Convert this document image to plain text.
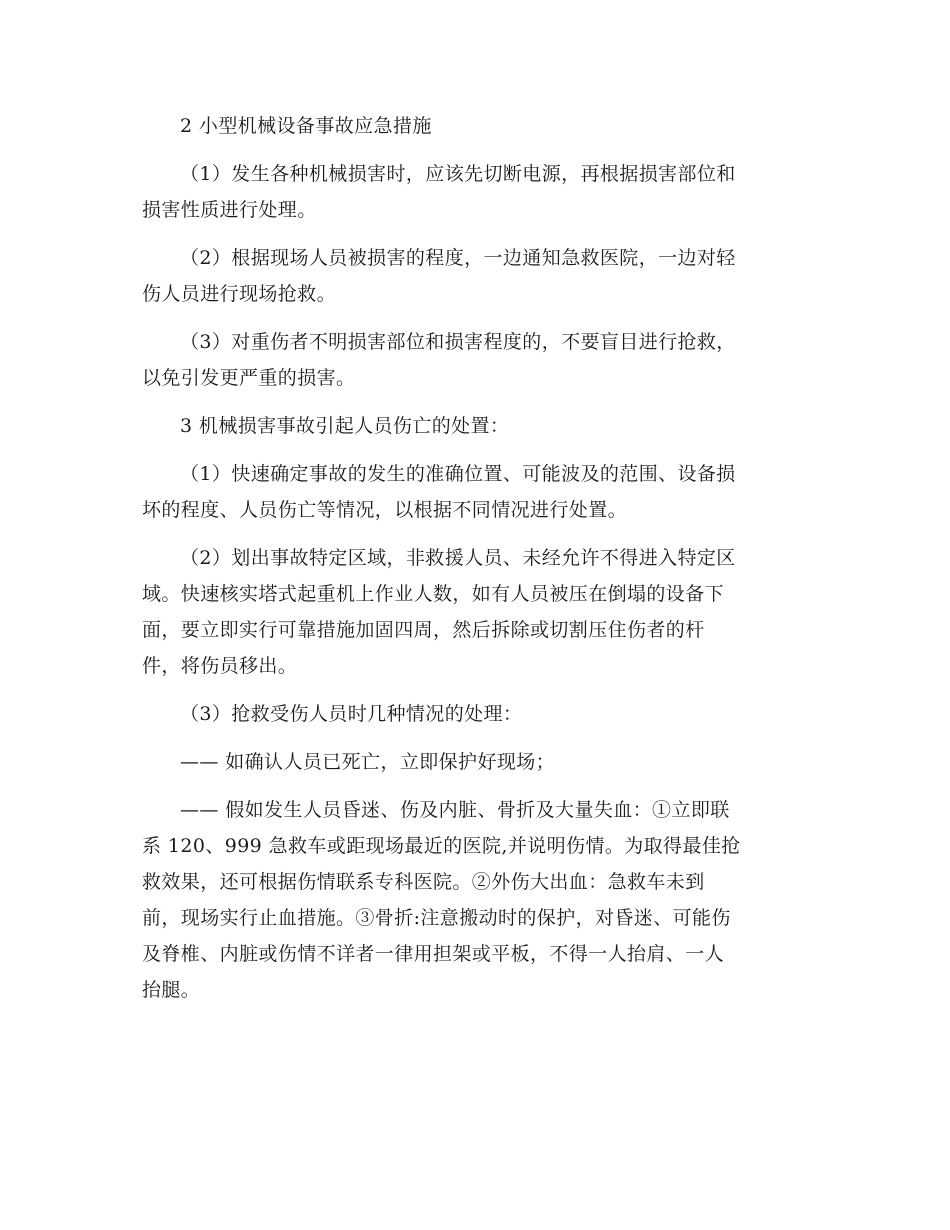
2 小型机械设备事故应急措施
（1）发生各种机械损害时，应该先切断电源，再根据损害部位和
损害性质进行处理。
（2）根据现场人员被损害的程度，一边通知急救医院，一边对轻
伤人员进行现场抢救。
（3）对重伤者不明损害部位和损害程度的，不要盲目进行抢救，
以免引发更严重的损害。
3 机械损害事故引起人员伤亡的处置：
（1）快速确定事故的发生的准确位置、可能波及的范围、设备损
坏的程度、人员伤亡等情况，以根据不同情况进行处置。
（2）划出事故特定区域，非救援人员、未经允许不得进入特定区
域。快速核实塔式起重机上作业人数，如有人员被压在倒塌的设备下
面，要立即实行可靠措施加固四周，然后拆除或切割压住伤者的杆
件，将伤员移出。
（3）抢救受伤人员时几种情况的处理：
—— 如确认人员已死亡，立即保护好现场；
—— 假如发生人员昏迷、伤及内脏、骨折及大量失血：①立即联
系 120、999 急救车或距现场最近的医院,并说明伤情。为取得最佳抢
救效果，还可根据伤情联系专科医院。②外伤大出血：急救车未到
前，现场实行止血措施。③骨折:注意搬动时的保护，对昏迷、可能伤
及脊椎、内脏或伤情不详者一律用担架或平板，不得一人抬肩、一人
抬腿。
